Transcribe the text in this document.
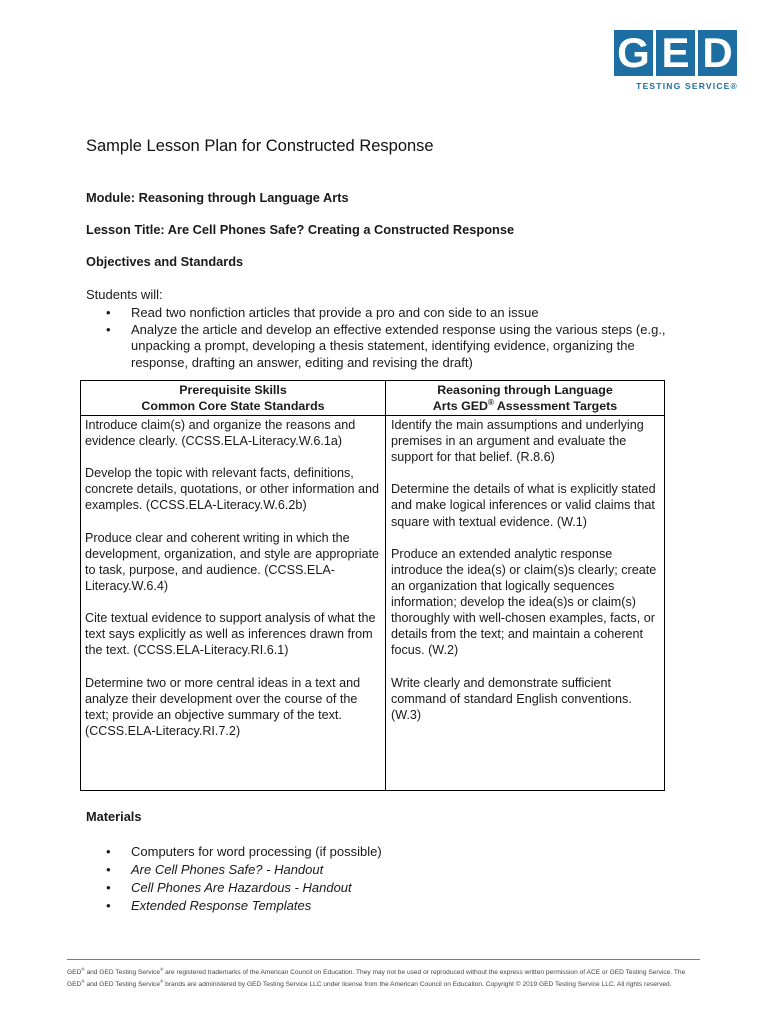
G E D
TESTING SERVICE®
Sample Lesson Plan for Constructed Response
Module: Reasoning through Language Arts
Lesson Title: Are Cell Phones Safe? Creating a Constructed Response
Objectives and Standards
Students will:
• Read two nonfiction articles that provide a pro and con side to an issue
• Analyze the article and develop an effective extended response using the various steps (e.g., unpacking a prompt, developing a thesis statement, identifying evidence, organizing the response, drafting an answer, editing and revising the draft)
Prerequisite Skills
Common Core State Standards
Reasoning through Language
Arts GED® Assessment Targets

Introduce claim(s) and organize the reasons and evidence clearly. (CCSS.ELA-Literacy.W.6.1a)

Develop the topic with relevant facts, definitions, concrete details, quotations, or other information and examples. (CCSS.ELA-Literacy.W.6.2b)

Produce clear and coherent writing in which the development, organization, and style are appropriate to task, purpose, and audience. (CCSS.ELA-Literacy.W.6.4)

Cite textual evidence to support analysis of what the text says explicitly as well as inferences drawn from the text. (CCSS.ELA-Literacy.RI.6.1)

Determine two or more central ideas in a text and analyze their development over the course of the text; provide an objective summary of the text. (CCSS.ELA-Literacy.RI.7.2)

Identify the main assumptions and underlying premises in an argument and evaluate the support for that belief. (R.8.6)

Determine the details of what is explicitly stated and make logical inferences or valid claims that square with textual evidence. (W.1)

Produce an extended analytic response introduce the idea(s) or claim(s)s clearly; create an organization that logically sequences information; develop the idea(s)s or claim(s) thoroughly with well-chosen examples, facts, or details from the text; and maintain a coherent focus. (W.2)

Write clearly and demonstrate sufficient command of standard English conventions. (W.3)

Materials
• Computers for word processing (if possible)
• Are Cell Phones Safe? - Handout
• Cell Phones Are Hazardous - Handout
• Extended Response Templates
GED® and GED Testing Service® are registered trademarks of the American Council on Education. They may not be used or reproduced without the express written permission of ACE or GED Testing Service. The GED® and GED Testing Service® brands are administered by GED Testing Service LLC under license from the American Council on Education. Copyright © 2019 GED Testing Service LLC. All rights reserved.
